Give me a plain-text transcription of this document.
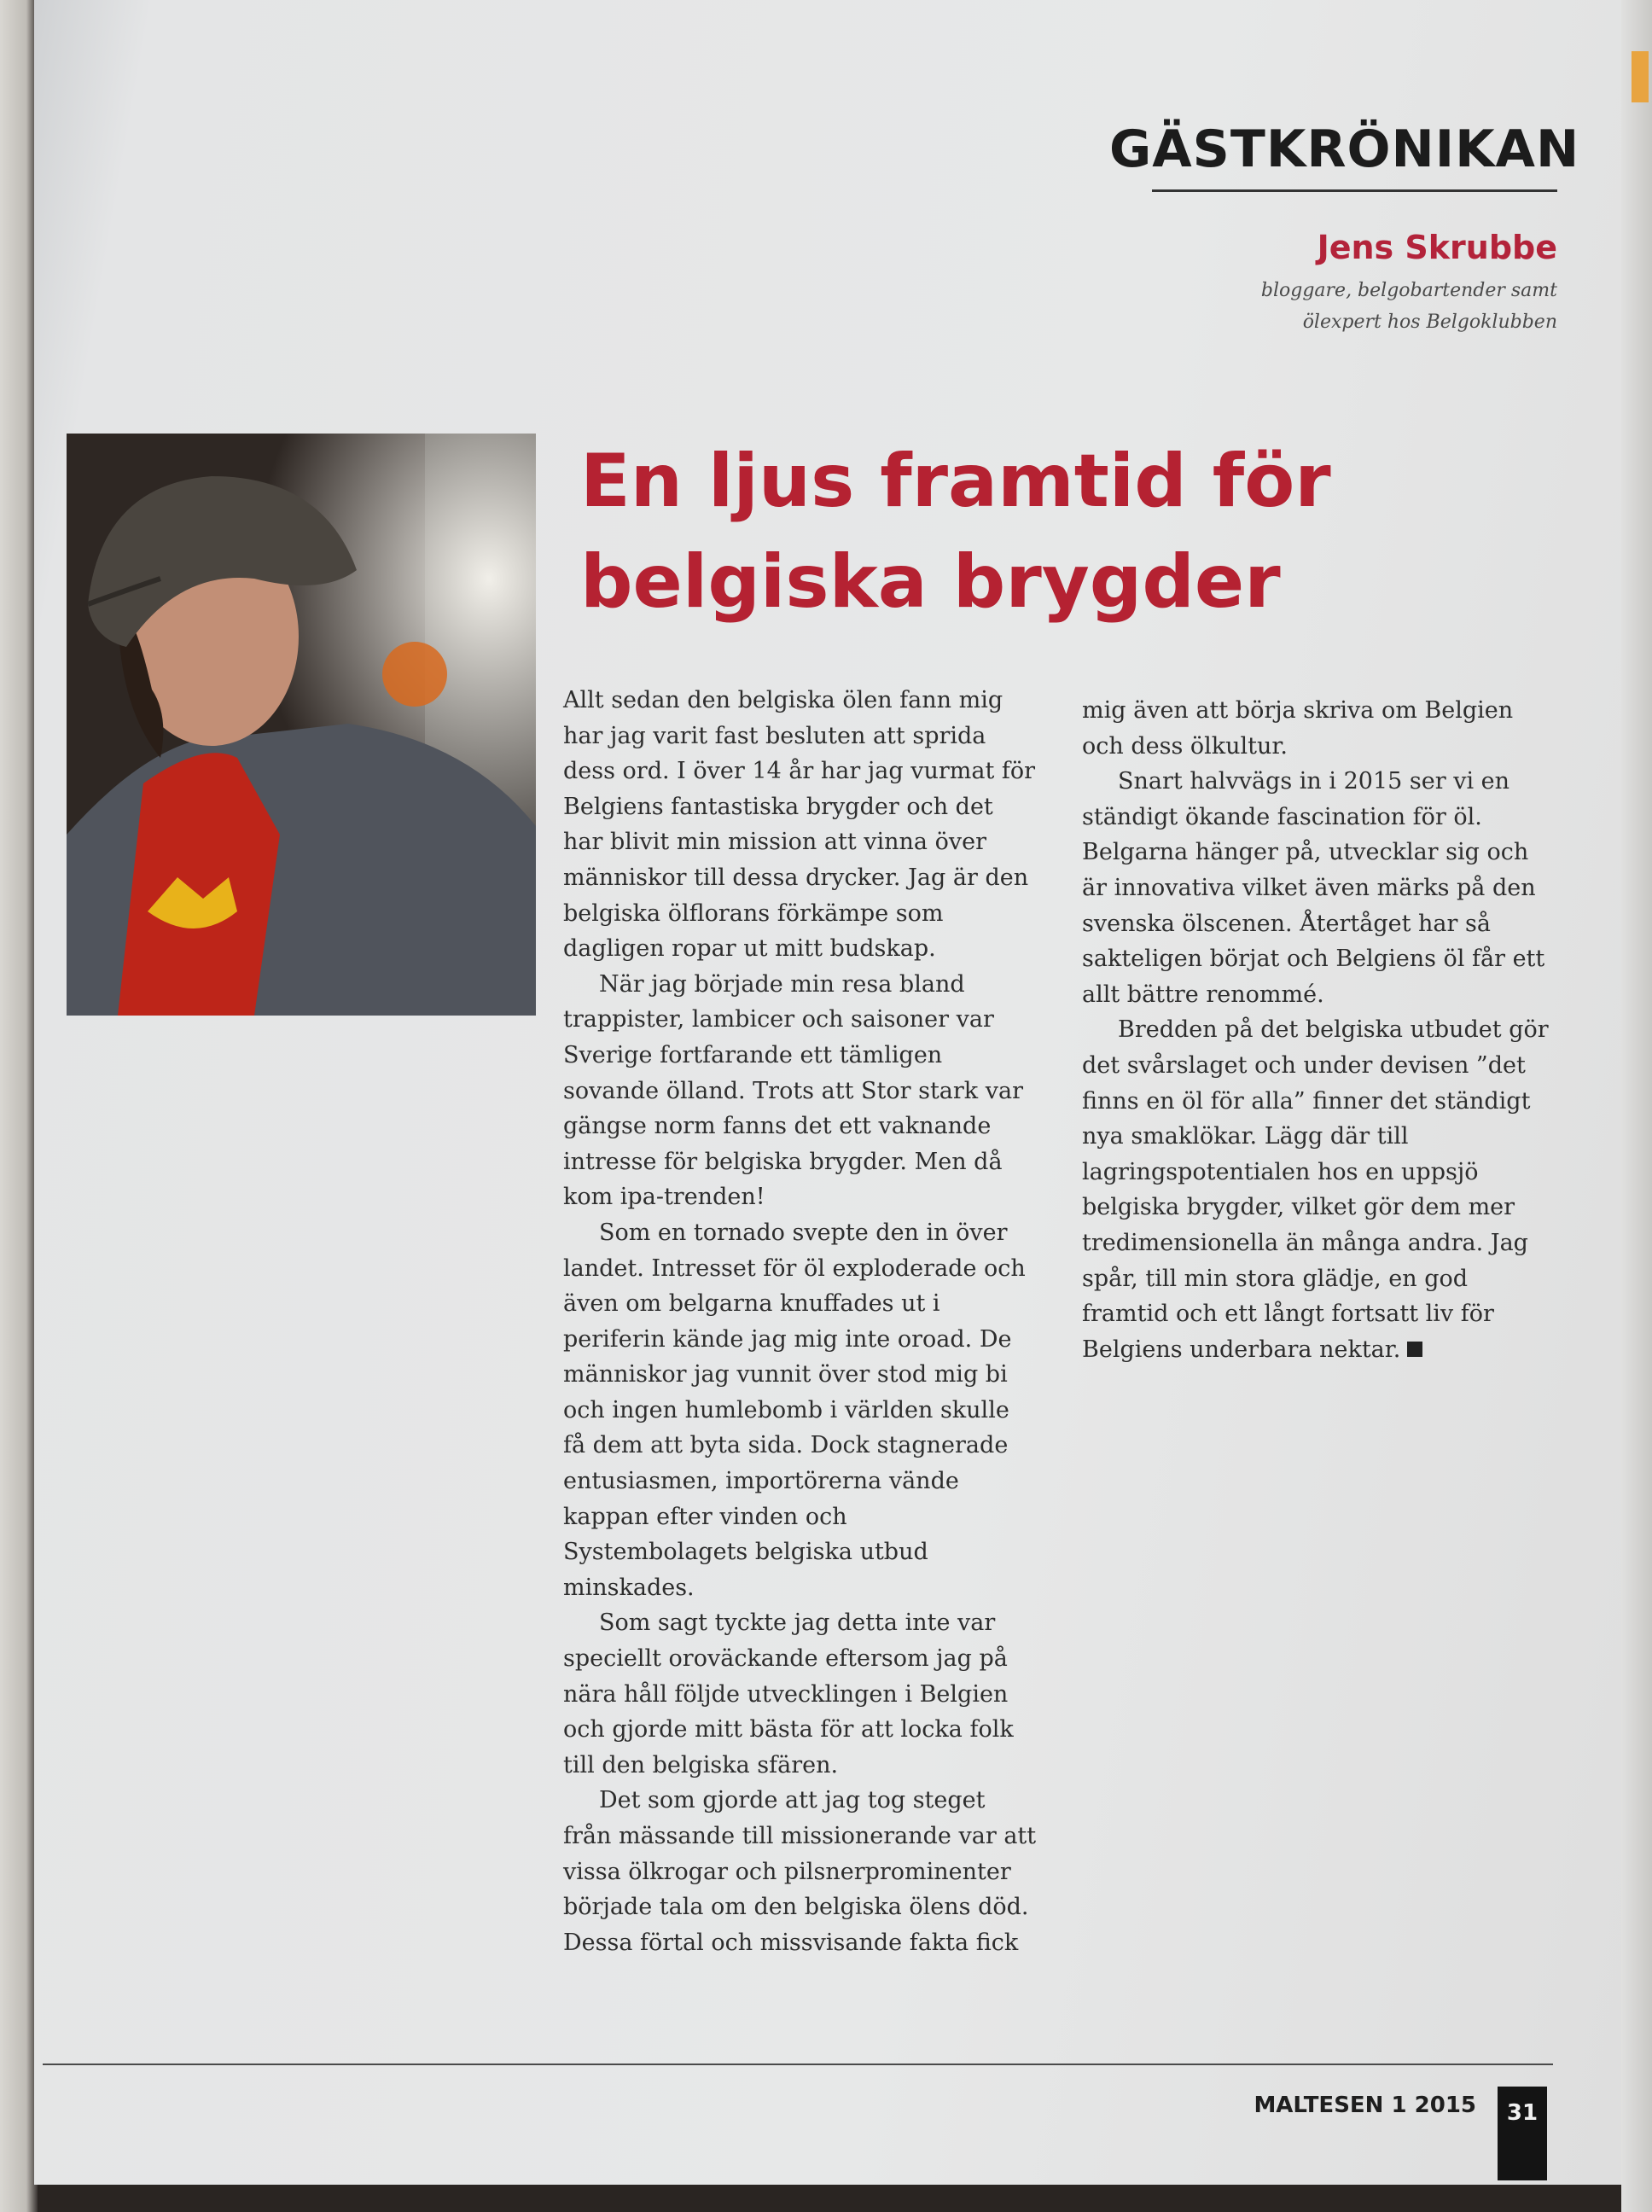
GÄSTKRÖNIKAN
Jens Skrubbe
bloggare, belgobartender samt
ölexpert hos Belgoklubben
En ljus framtid för
belgiska brygder

Allt sedan den belgiska ölen fann mig har jag varit fast besluten att sprida dess ord. I över 14 år har jag vurmat för Belgiens fantastiska brygder och det har blivit min mission att vinna över människor till dessa drycker. Jag är den belgiska ölflorans förkämpe som dagligen ropar ut mitt budskap.

När jag började min resa bland trappister, lambicer och saisoner var Sverige fortfarande ett tämligen sovande ölland. Trots att Stor stark var gängse norm fanns det ett vaknande intresse för belgiska brygder. Men då kom ipa-trenden!

Som en tornado svepte den in över landet. Intresset för öl exploderade och även om belgarna knuffades ut i periferin kände jag mig inte oroad. De människor jag vunnit över stod mig bi och ingen humlebomb i världen skulle få dem att byta sida. Dock stagnerade entusiasmen, importörerna vände kappan efter vinden och Systembolagets belgiska utbud minskades.

Som sagt tyckte jag detta inte var speciellt oroväckande eftersom jag på nära håll följde utvecklingen i Belgien och gjorde mitt bästa för att locka folk till den belgiska sfären.

Det som gjorde att jag tog steget från mässande till missionerande var att vissa ölkrogar och pilsnerprominenter började tala om den belgiska ölens död. Dessa förtal och missvisande fakta fick

mig även att börja skriva om Belgien och dess ölkultur.

Snart halvvägs in i 2015 ser vi en ständigt ökande fascination för öl. Belgarna hänger på, utvecklar sig och är innovativa vilket även märks på den svenska ölscenen. Återtåget har så sakteligen börjat och Belgiens öl får ett allt bättre renommé.

Bredden på det belgiska utbudet gör det svårslaget och under devisen ”det finns en öl för alla” finner det ständigt nya smaklökar. Lägg där till lagringspotentialen hos en uppsjö belgiska brygder, vilket gör dem mer tredimensionella än många andra. Jag spår, till min stora glädje, en god framtid och ett långt fortsatt liv för Belgiens underbara nektar.

MALTESEN 1 2015	31
